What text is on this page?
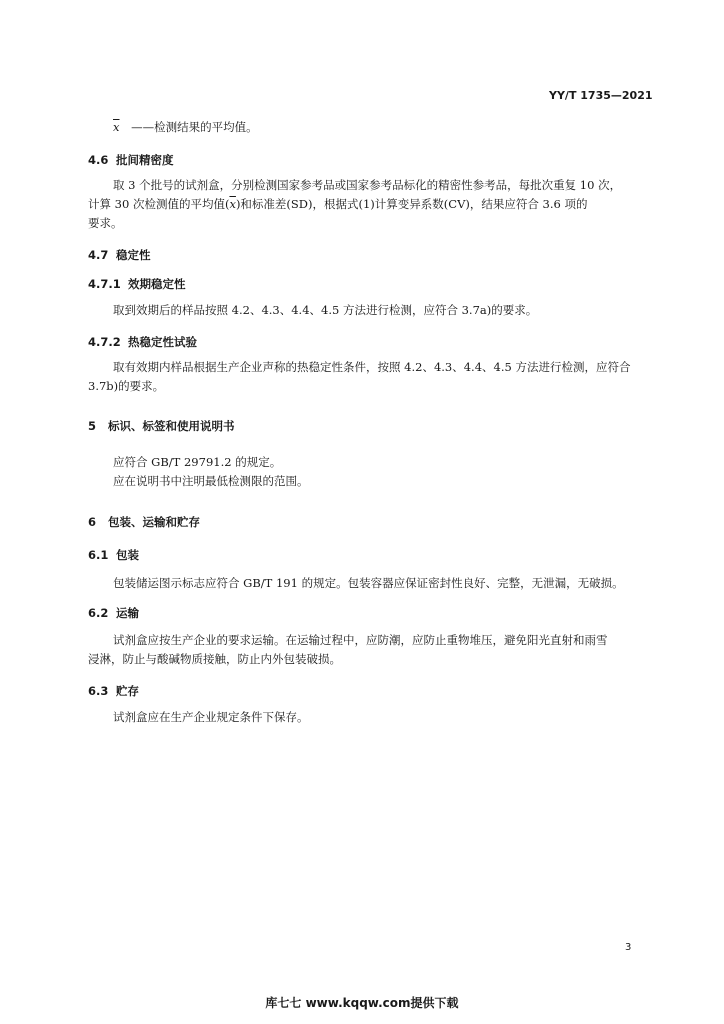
YY/T 1735—2021
$\overline{x}$ ——检测结果的平均值。
4.6 批间精密度
取 3 个批号的试剂盒，分别检测国家参考品或国家参考品标化的精密性参考品，每批次重复 10 次，
计算 30 次检测值的平均值$(\overline{x})$和标准差(SD)，根据式(1)计算变异系数(CV)，结果应符合 3.6 项的
要求。
4.7 稳定性
4.7.1 效期稳定性
取到效期后的样品按照 4.2、4.3、4.4、4.5 方法进行检测，应符合 3.7a)的要求。
4.7.2 热稳定性试验
取有效期内样品根据生产企业声称的热稳定性条件，按照 4.2、4.3、4.4、4.5 方法进行检测，应符合
3.7b)的要求。
5 标识、标签和使用说明书
应符合 GB/T 29791.2 的规定。
应在说明书中注明最低检测限的范围。
6 包装、运输和贮存
6.1 包装
包装储运图示标志应符合 GB/T 191 的规定。包装容器应保证密封性良好、完整，无泄漏，无破损。
6.2 运输
试剂盒应按生产企业的要求运输。在运输过程中，应防潮，应防止重物堆压，避免阳光直射和雨雪
浸淋，防止与酸碱物质接触，防止内外包装破损。
6.3 贮存
试剂盒应在生产企业规定条件下保存。
3
库七七 www.kqqw.com提供下载
